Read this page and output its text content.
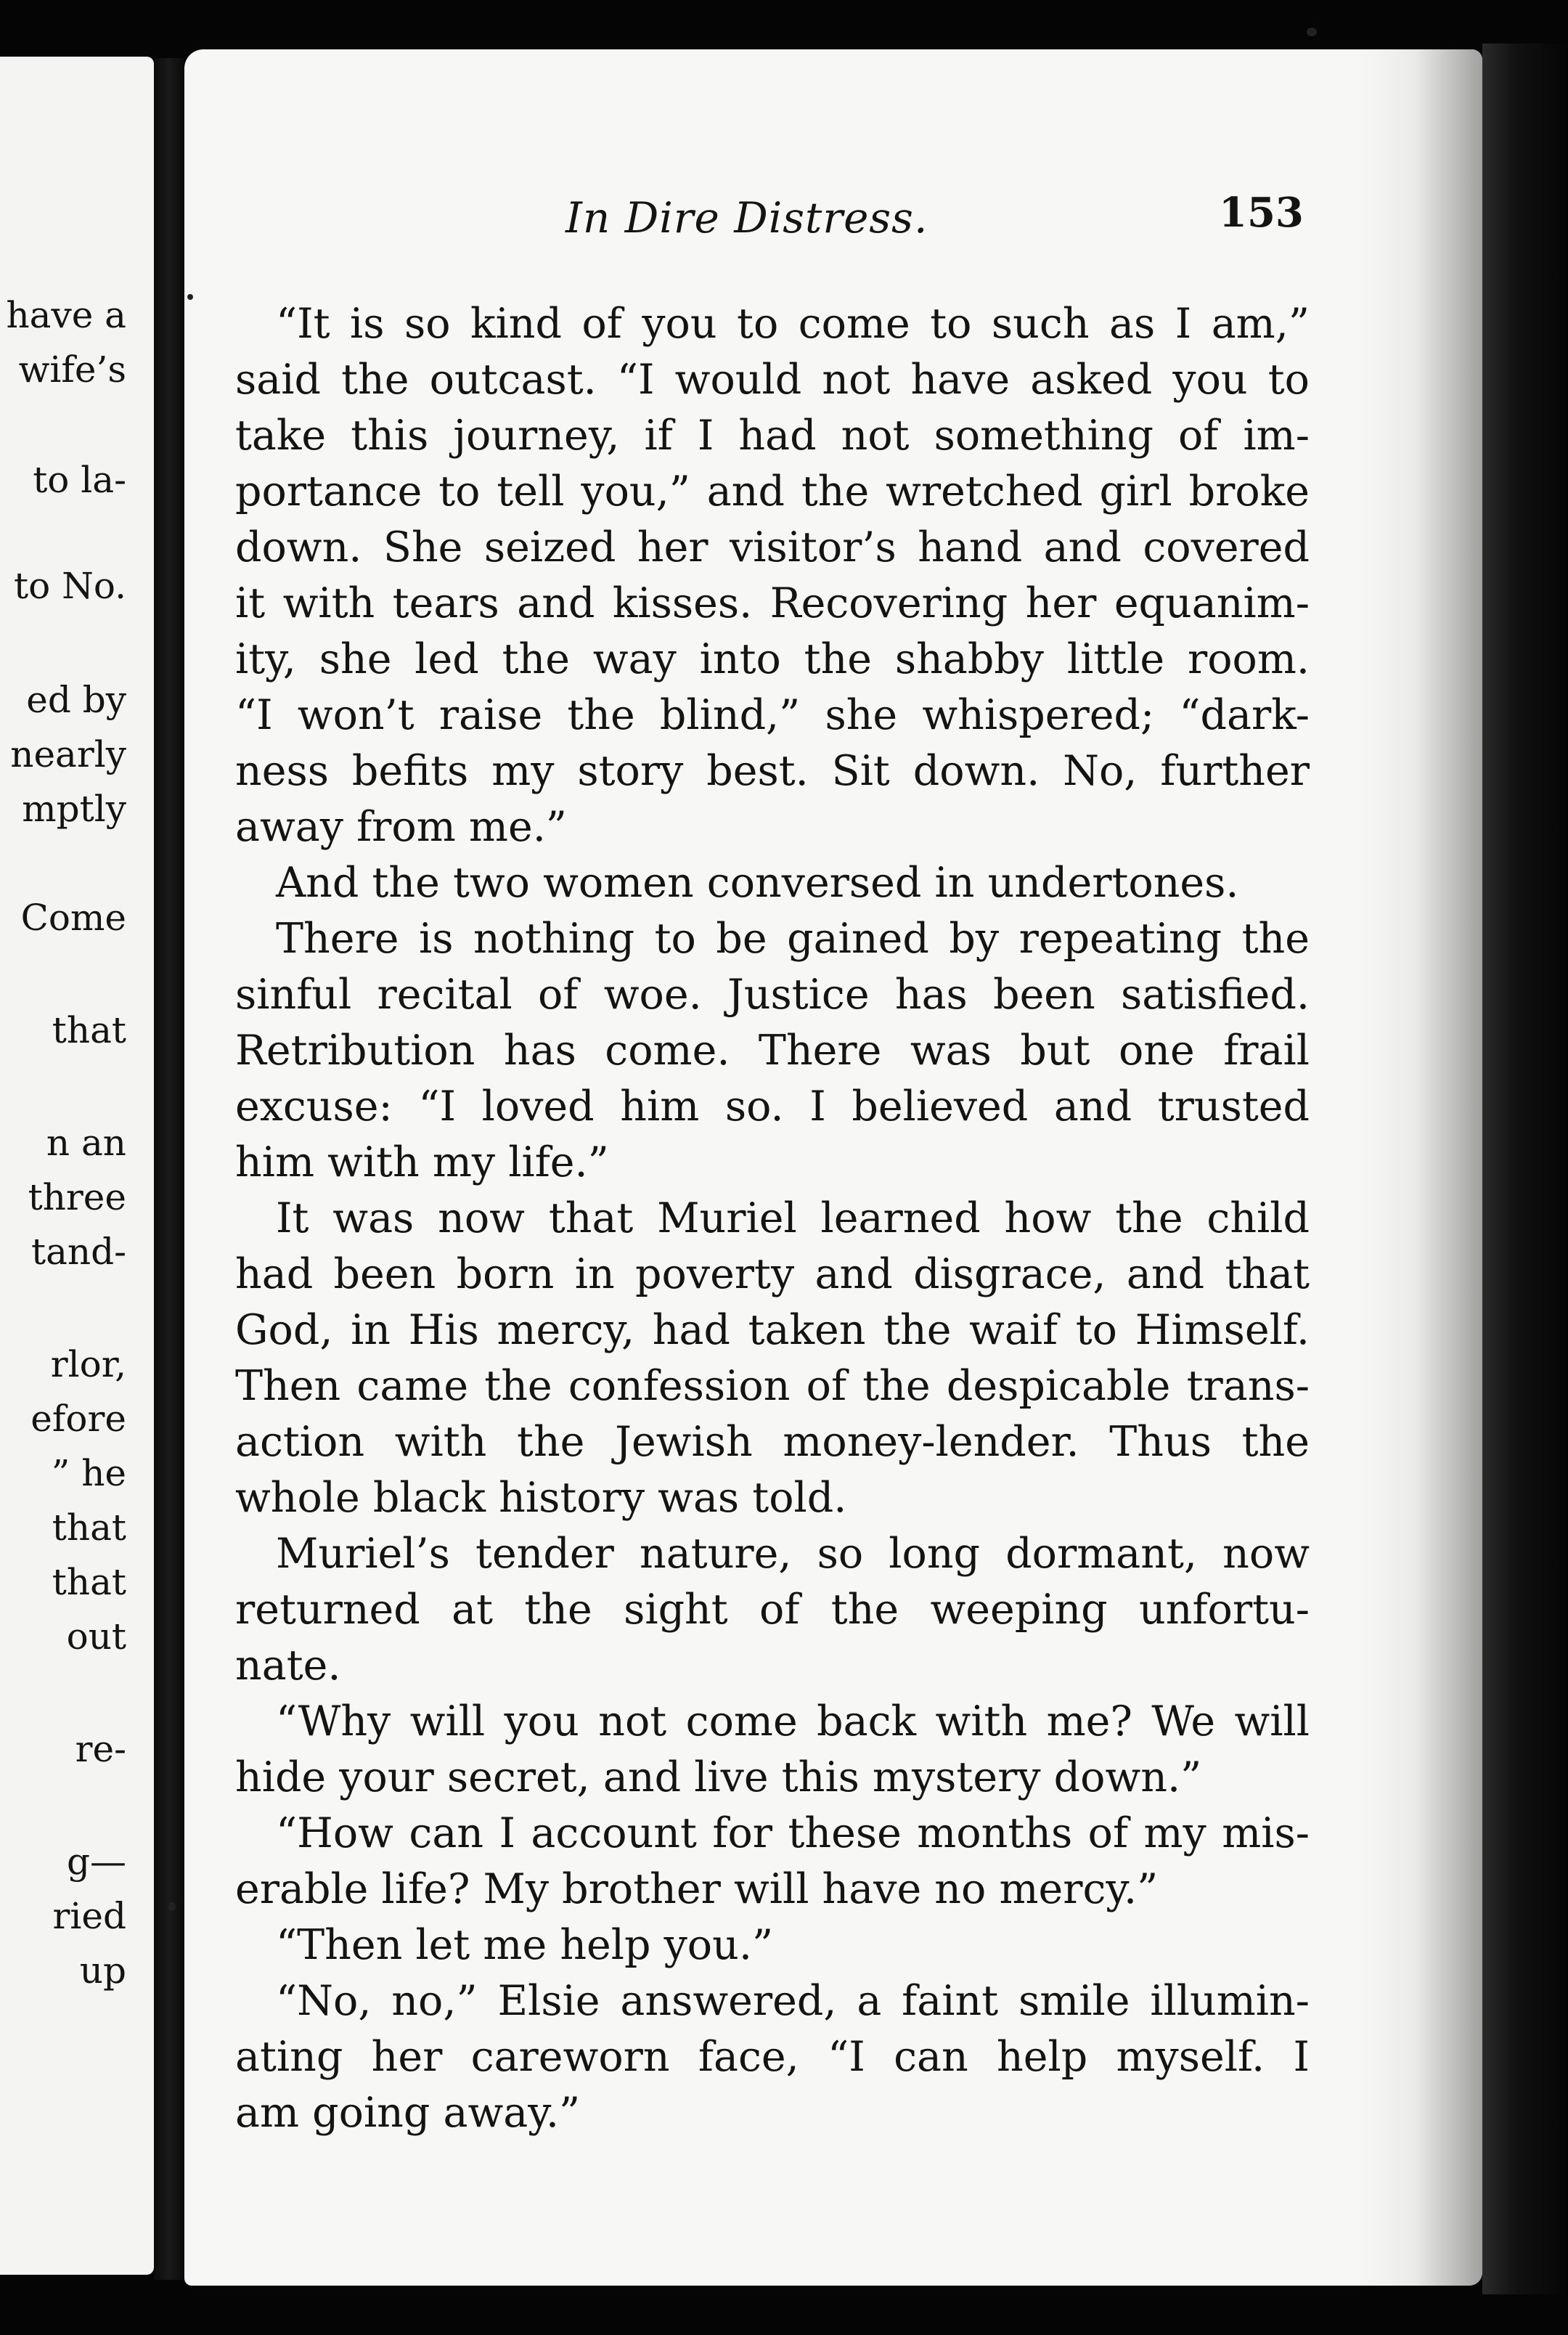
have a
wife’s
to la-
to No.
ed by
nearly
mptly
Come
that
n an
three
tand-
rlor,
efore
” he
that
that
out
re-
g—
ried
up
In Dire Distress.	153
“It is so kind of you to come to such as I am,”
said the outcast. “I would not have asked you to
take this journey, if I had not something of im-
portance to tell you,” and the wretched girl broke
down. She seized her visitor’s hand and covered
it with tears and kisses. Recovering her equanim-
ity, she led the way into the shabby little room.
“I won’t raise the blind,” she whispered; “dark-
ness befits my story best. Sit down. No, further
away from me.”
And the two women conversed in undertones.
There is nothing to be gained by repeating the
sinful recital of woe. Justice has been satisfied.
Retribution has come. There was but one frail
excuse: “I loved him so. I believed and trusted
him with my life.”
It was now that Muriel learned how the child
had been born in poverty and disgrace, and that
God, in His mercy, had taken the waif to Himself.
Then came the confession of the despicable trans-
action with the Jewish money-lender. Thus the
whole black history was told.
Muriel’s tender nature, so long dormant, now
returned at the sight of the weeping unfortu-
nate.
“Why will you not come back with me? We will
hide your secret, and live this mystery down.”
“How can I account for these months of my mis-
erable life? My brother will have no mercy.”
“Then let me help you.”
“No, no,” Elsie answered, a faint smile illumin-
ating her careworn face, “I can help myself. I
am going away.”
